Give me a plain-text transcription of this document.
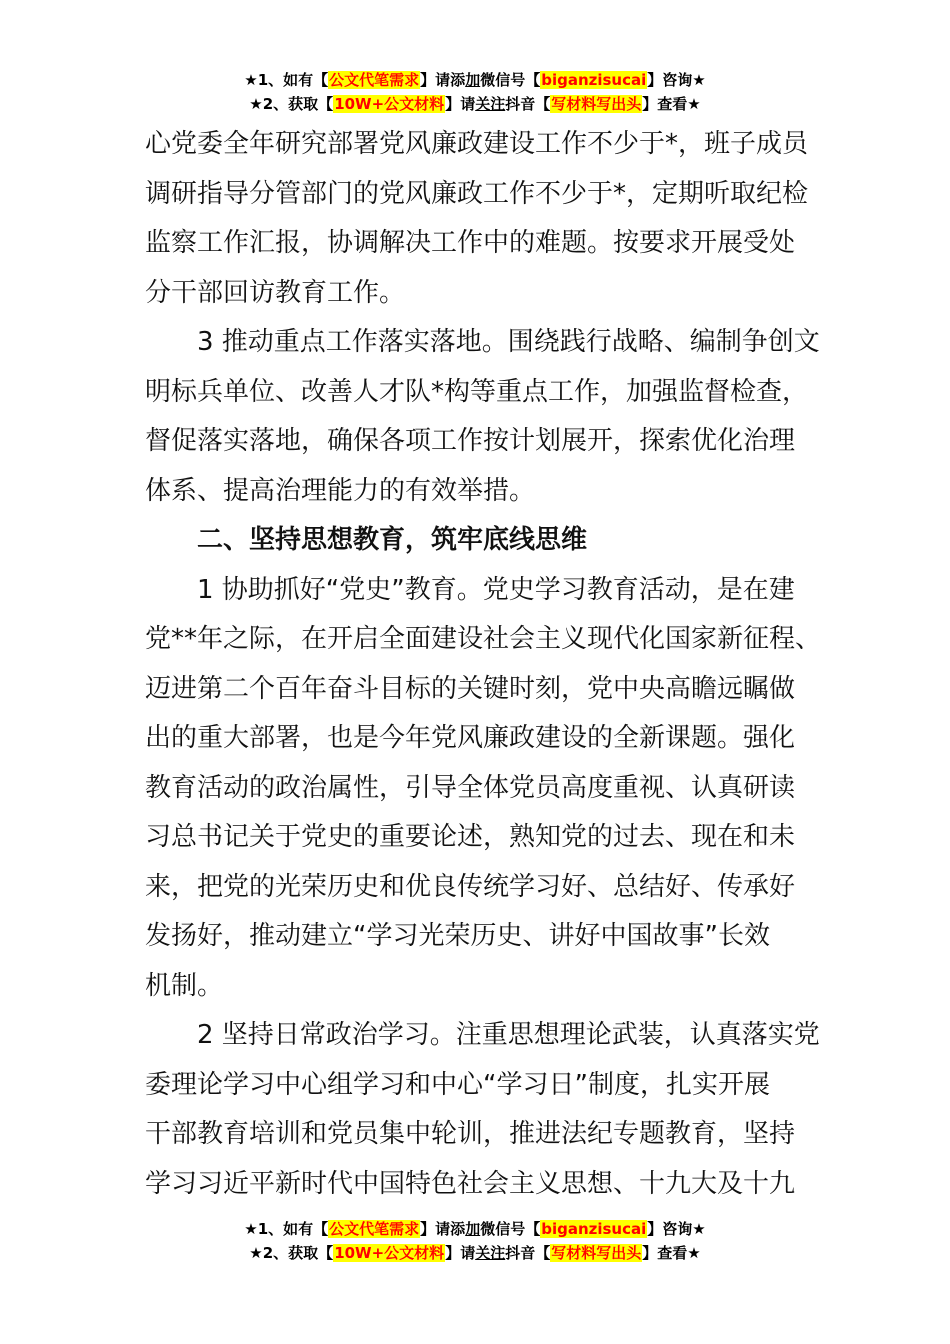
★1、如有【公文代笔需求】请添加微信号【biganzisucai】咨询★
★2、获取【10W+公文材料】请关注抖音【写材料写出头】查看★
心党委全年研究部署党风廉政建设工作不少于*，班子成员
调研指导分管部门的党风廉政工作不少于*，定期听取纪检
监察工作汇报，协调解决工作中的难题。按要求开展受处
分干部回访教育工作。
3 推动重点工作落实落地。围绕践行战略、编制争创文
明标兵单位、改善人才队*构等重点工作，加强监督检查，
督促落实落地，确保各项工作按计划展开，探索优化治理
体系、提高治理能力的有效举措。
二、坚持思想教育，筑牢底线思维
1 协助抓好“党史”教育。党史学习教育活动，是在建
党**年之际，在开启全面建设社会主义现代化国家新征程、
迈进第二个百年奋斗目标的关键时刻，党中央高瞻远瞩做
出的重大部署，也是今年党风廉政建设的全新课题。强化
教育活动的政治属性，引导全体党员高度重视、认真研读
习总书记关于党史的重要论述，熟知党的过去、现在和未
来，把党的光荣历史和优良传统学习好、总结好、传承好
发扬好，推动建立“学习光荣历史、讲好中国故事”长效
机制。
2 坚持日常政治学习。注重思想理论武装，认真落实党
委理论学习中心组学习和中心“学习日”制度，扎实开展
干部教育培训和党员集中轮训，推进法纪专题教育，坚持
学习习近平新时代中国特色社会主义思想、十九大及十九
★1、如有【公文代笔需求】请添加微信号【biganzisucai】咨询★
★2、获取【10W+公文材料】请关注抖音【写材料写出头】查看★
